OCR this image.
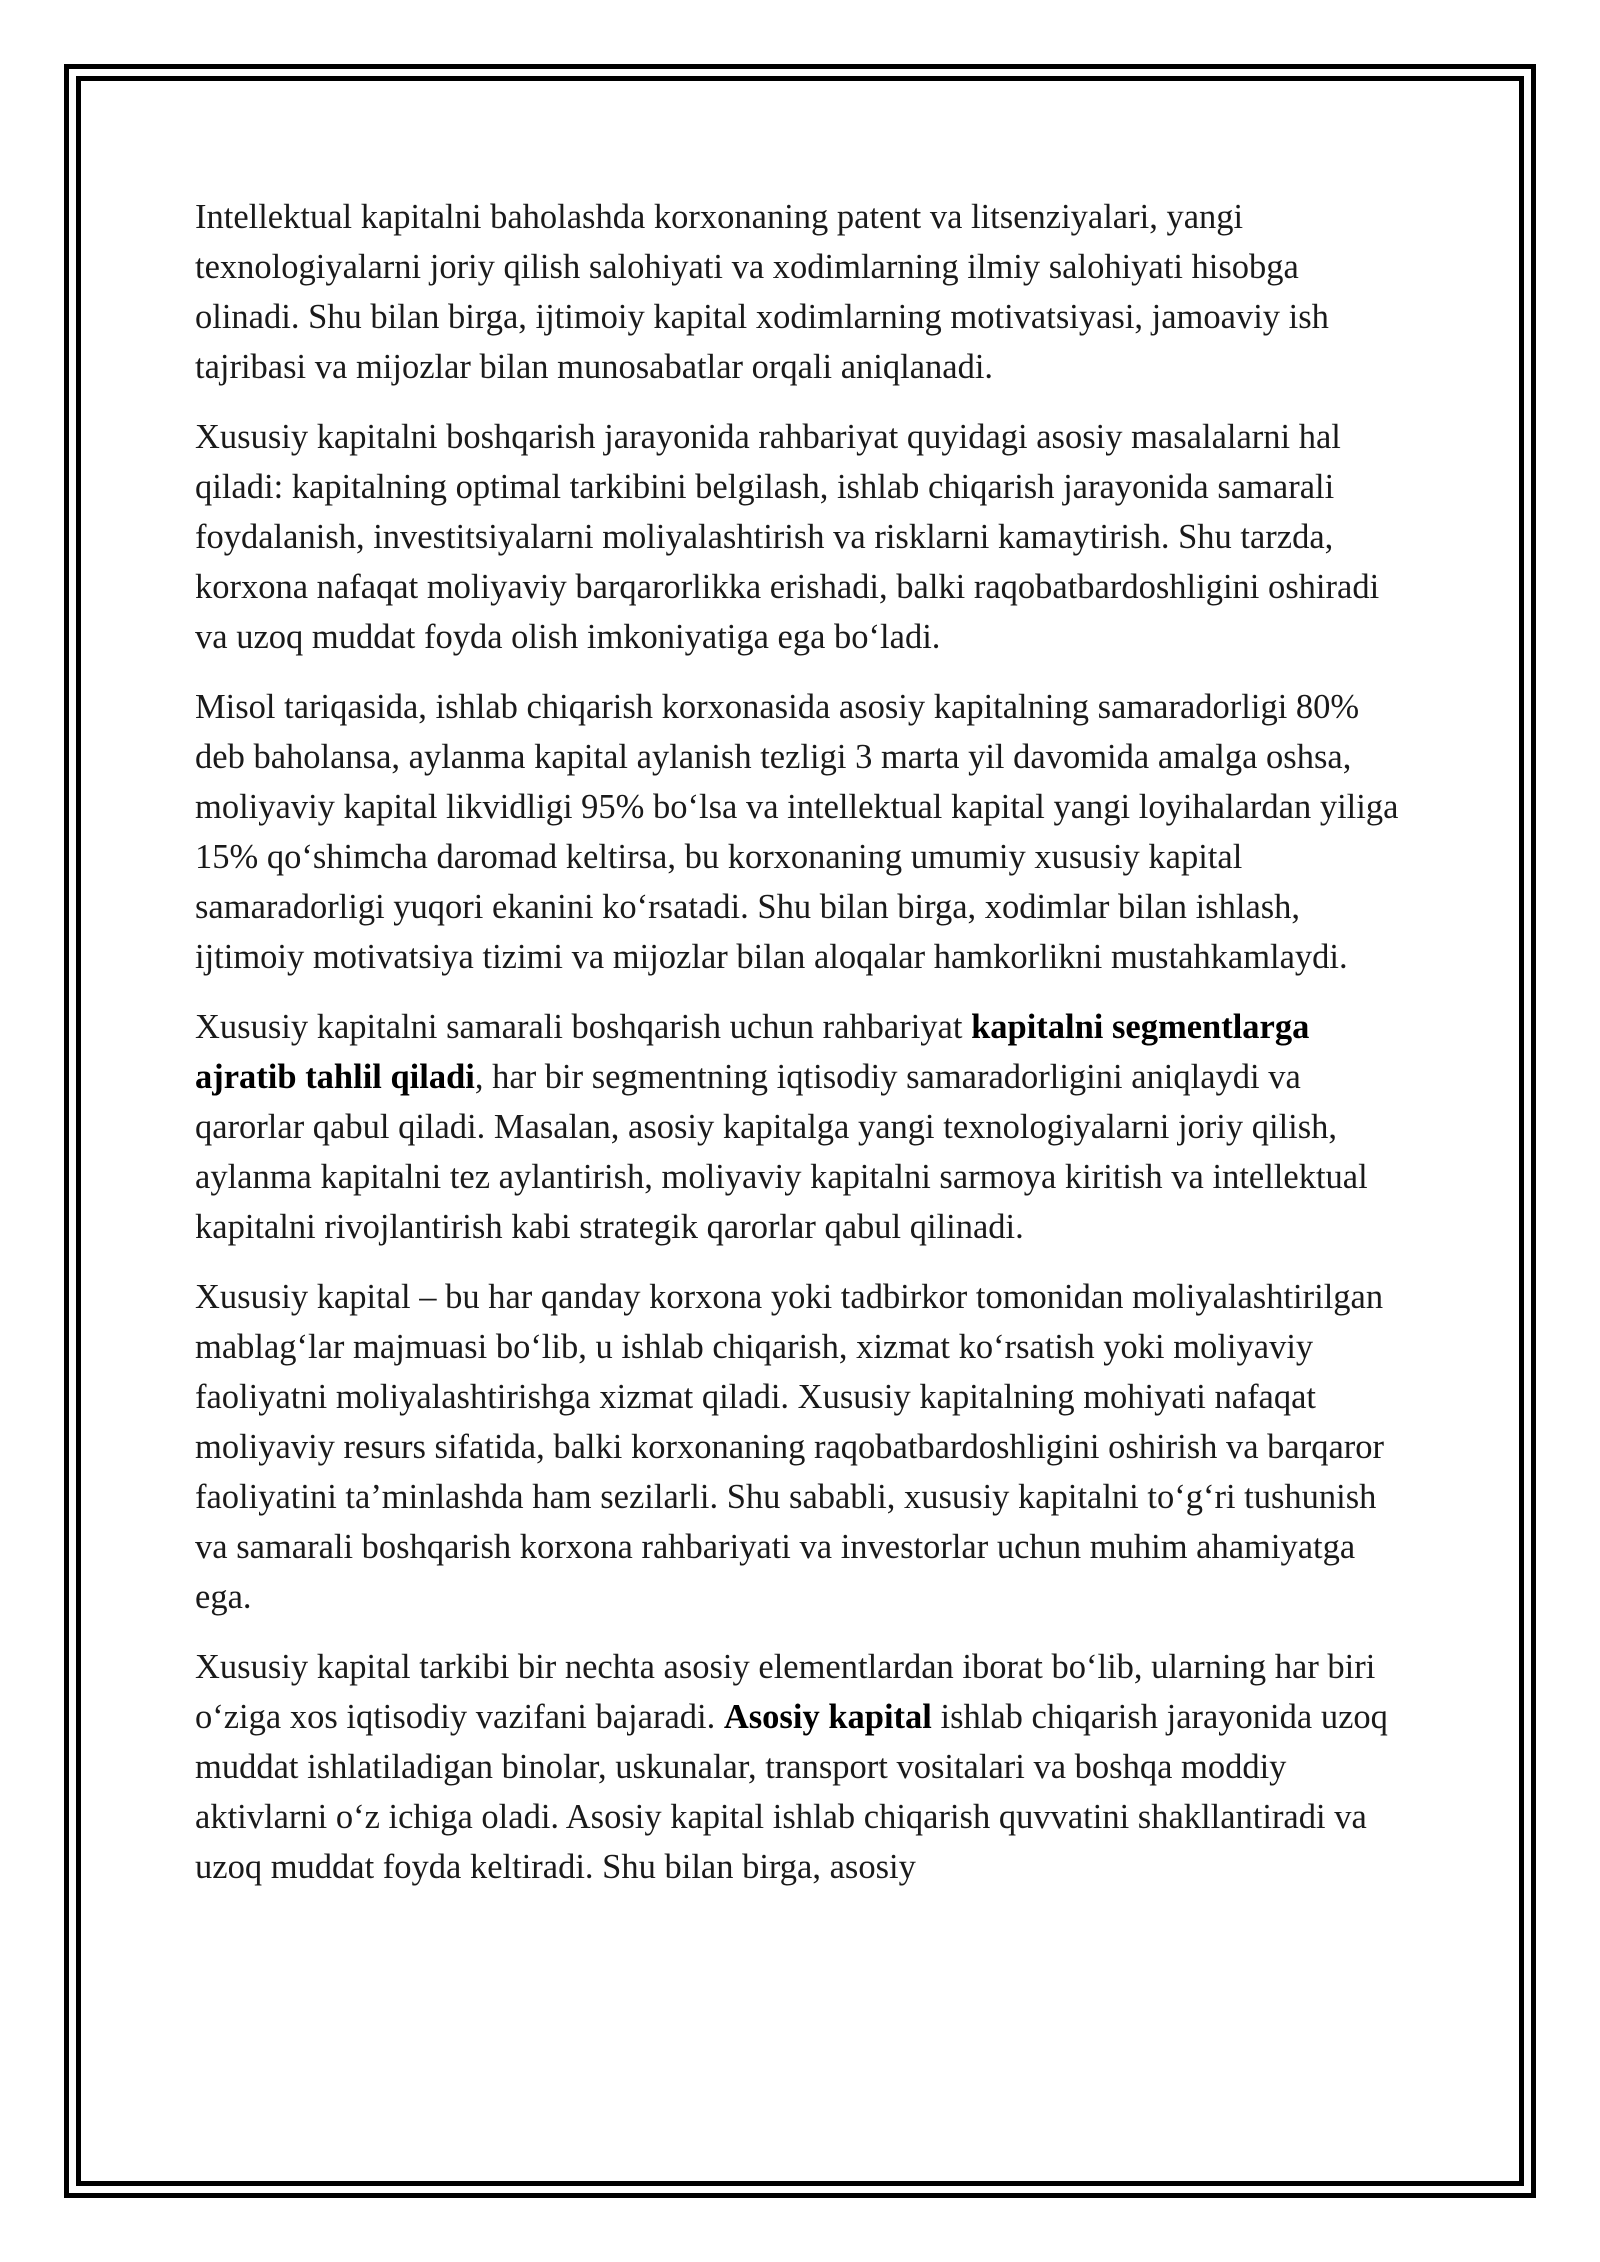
Intellektual kapitalni baholashda korxonaning patent va litsenziyalari, yangi texnologiyalarni joriy qilish salohiyati va xodimlarning ilmiy salohiyati hisobga olinadi. Shu bilan birga, ijtimoiy kapital xodimlarning motivatsiyasi, jamoaviy ish tajribasi va mijozlar bilan munosabatlar orqali aniqlanadi.

Xususiy kapitalni boshqarish jarayonida rahbariyat quyidagi asosiy masalalarni hal qiladi: kapitalning optimal tarkibini belgilash, ishlab chiqarish jarayonida samarali foydalanish, investitsiyalarni moliyalashtirish va risklarni kamaytirish. Shu tarzda, korxona nafaqat moliyaviy barqarorlikka erishadi, balki raqobatbardoshligini oshiradi va uzoq muddat foyda olish imkoniyatiga ega bo‘ladi.

Misol tariqasida, ishlab chiqarish korxonasida asosiy kapitalning samaradorligi 80% deb baholansa, aylanma kapital aylanish tezligi 3 marta yil davomida amalga oshsa, moliyaviy kapital likvidligi 95% bo‘lsa va intellektual kapital yangi loyihalardan yiliga 15% qo‘shimcha daromad keltirsa, bu korxonaning umumiy xususiy kapital samaradorligi yuqori ekanini ko‘rsatadi. Shu bilan birga, xodimlar bilan ishlash, ijtimoiy motivatsiya tizimi va mijozlar bilan aloqalar hamkorlikni mustahkamlaydi.

Xususiy kapitalni samarali boshqarish uchun rahbariyat kapitalni segmentlarga ajratib tahlil qiladi, har bir segmentning iqtisodiy samaradorligini aniqlaydi va qarorlar qabul qiladi. Masalan, asosiy kapitalga yangi texnologiyalarni joriy qilish, aylanma kapitalni tez aylantirish, moliyaviy kapitalni sarmoya kiritish va intellektual kapitalni rivojlantirish kabi strategik qarorlar qabul qilinadi.

Xususiy kapital – bu har qanday korxona yoki tadbirkor tomonidan moliyalashtirilgan mablag‘lar majmuasi bo‘lib, u ishlab chiqarish, xizmat ko‘rsatish yoki moliyaviy faoliyatni moliyalashtirishga xizmat qiladi. Xususiy kapitalning mohiyati nafaqat moliyaviy resurs sifatida, balki korxonaning raqobatbardoshligini oshirish va barqaror faoliyatini ta’minlashda ham sezilarli. Shu sababli, xususiy kapitalni to‘g‘ri tushunish va samarali boshqarish korxona rahbariyati va investorlar uchun muhim ahamiyatga ega.

Xususiy kapital tarkibi bir nechta asosiy elementlardan iborat bo‘lib, ularning har biri o‘ziga xos iqtisodiy vazifani bajaradi. Asosiy kapital ishlab chiqarish jarayonida uzoq muddat ishlatiladigan binolar, uskunalar, transport vositalari va boshqa moddiy aktivlarni o‘z ichiga oladi. Asosiy kapital ishlab chiqarish quvvatini shakllantiradi va uzoq muddat foyda keltiradi. Shu bilan birga, asosiy
